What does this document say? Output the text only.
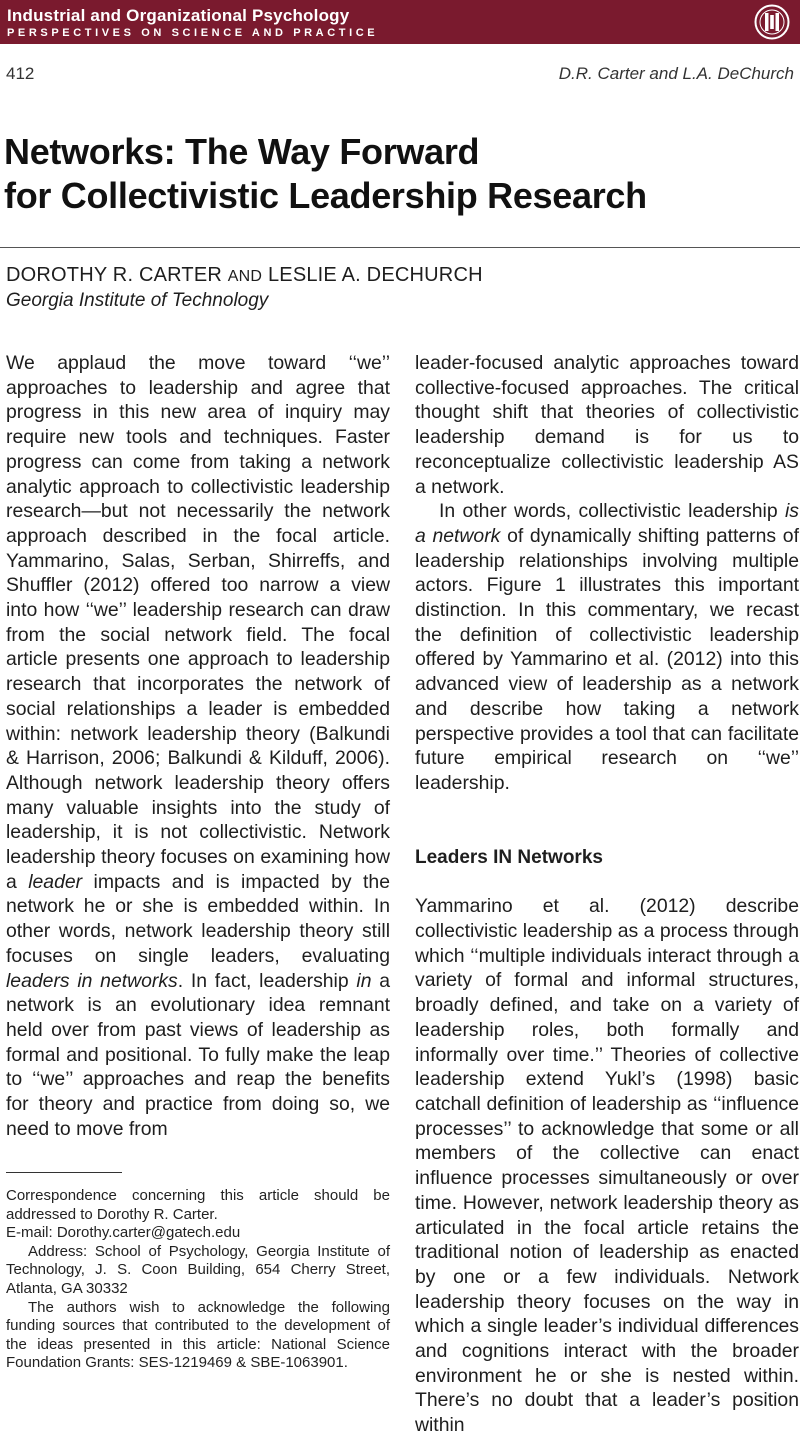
Industrial and Organizational Psychology
PERSPECTIVES ON SCIENCE AND PRACTICE
412	D.R. Carter and L.A. DeChurch
Networks: The Way Forward
for Collectivistic Leadership Research
DOROTHY R. CARTER AND LESLIE A. DECHURCH
Georgia Institute of Technology

We applaud the move toward ‘‘we’’ approaches to leadership and agree that progress in this new area of inquiry may require new tools and techniques. Faster progress can come from taking a network analytic approach to collectivistic leadership research—but not necessarily the network approach described in the focal article. Yammarino, Salas, Serban, Shirreffs, and Shuffler (2012) offered too narrow a view into how ‘‘we’’ leadership research can draw from the social network field. The focal article presents one approach to leadership research that incorporates the network of social relationships a leader is embedded within: network leadership theory (Balkundi & Harrison, 2006; Balkundi & Kilduff, 2006). Although network leadership theory offers many valuable insights into the study of leadership, it is not collectivistic. Network leadership theory focuses on examining how a leader impacts and is impacted by the network he or she is embedded within. In other words, network leadership theory still focuses on single leaders, evaluating leaders in networks. In fact, leadership in a network is an evolutionary idea remnant held over from past views of leadership as formal and positional. To fully make the leap to ‘‘we’’ approaches and reap the benefits for theory and practice from doing so, we need to move from

leader-focused analytic approaches toward collective-focused approaches. The critical thought shift that theories of collectivistic leadership demand is for us to reconceptualize collectivistic leadership AS a network.

In other words, collectivistic leadership is a network of dynamically shifting patterns of leadership relationships involving multiple actors. Figure 1 illustrates this important distinction. In this commentary, we recast the definition of collectivistic leadership offered by Yammarino et al. (2012) into this advanced view of leadership as a network and describe how taking a network perspective provides a tool that can facilitate future empirical research on ‘‘we’’ leadership.

Leaders IN Networks

Yammarino et al. (2012) describe collectivistic leadership as a process through which ‘‘multiple individuals interact through a variety of formal and informal structures, broadly defined, and take on a variety of leadership roles, both formally and informally over time.’’ Theories of collective leadership extend Yukl’s (1998) basic catchall definition of leadership as ‘‘influence processes’’ to acknowledge that some or all members of the collective can enact influence processes simultaneously or over time. However, network leadership theory as articulated in the focal article retains the traditional notion of leadership as enacted by one or a few individuals. Network leadership theory focuses on the way in which a single leader’s individual differences and cognitions interact with the broader environment he or she is nested within. There’s no doubt that a leader’s position within

Correspondence concerning this article should be addressed to Dorothy R. Carter.

E-mail: Dorothy.carter@gatech.edu

Address: School of Psychology, Georgia Institute of Technology, J. S. Coon Building, 654 Cherry Street, Atlanta, GA 30332

The authors wish to acknowledge the following funding sources that contributed to the development of the ideas presented in this article: National Science Foundation Grants: SES-1219469 & SBE-1063901.
